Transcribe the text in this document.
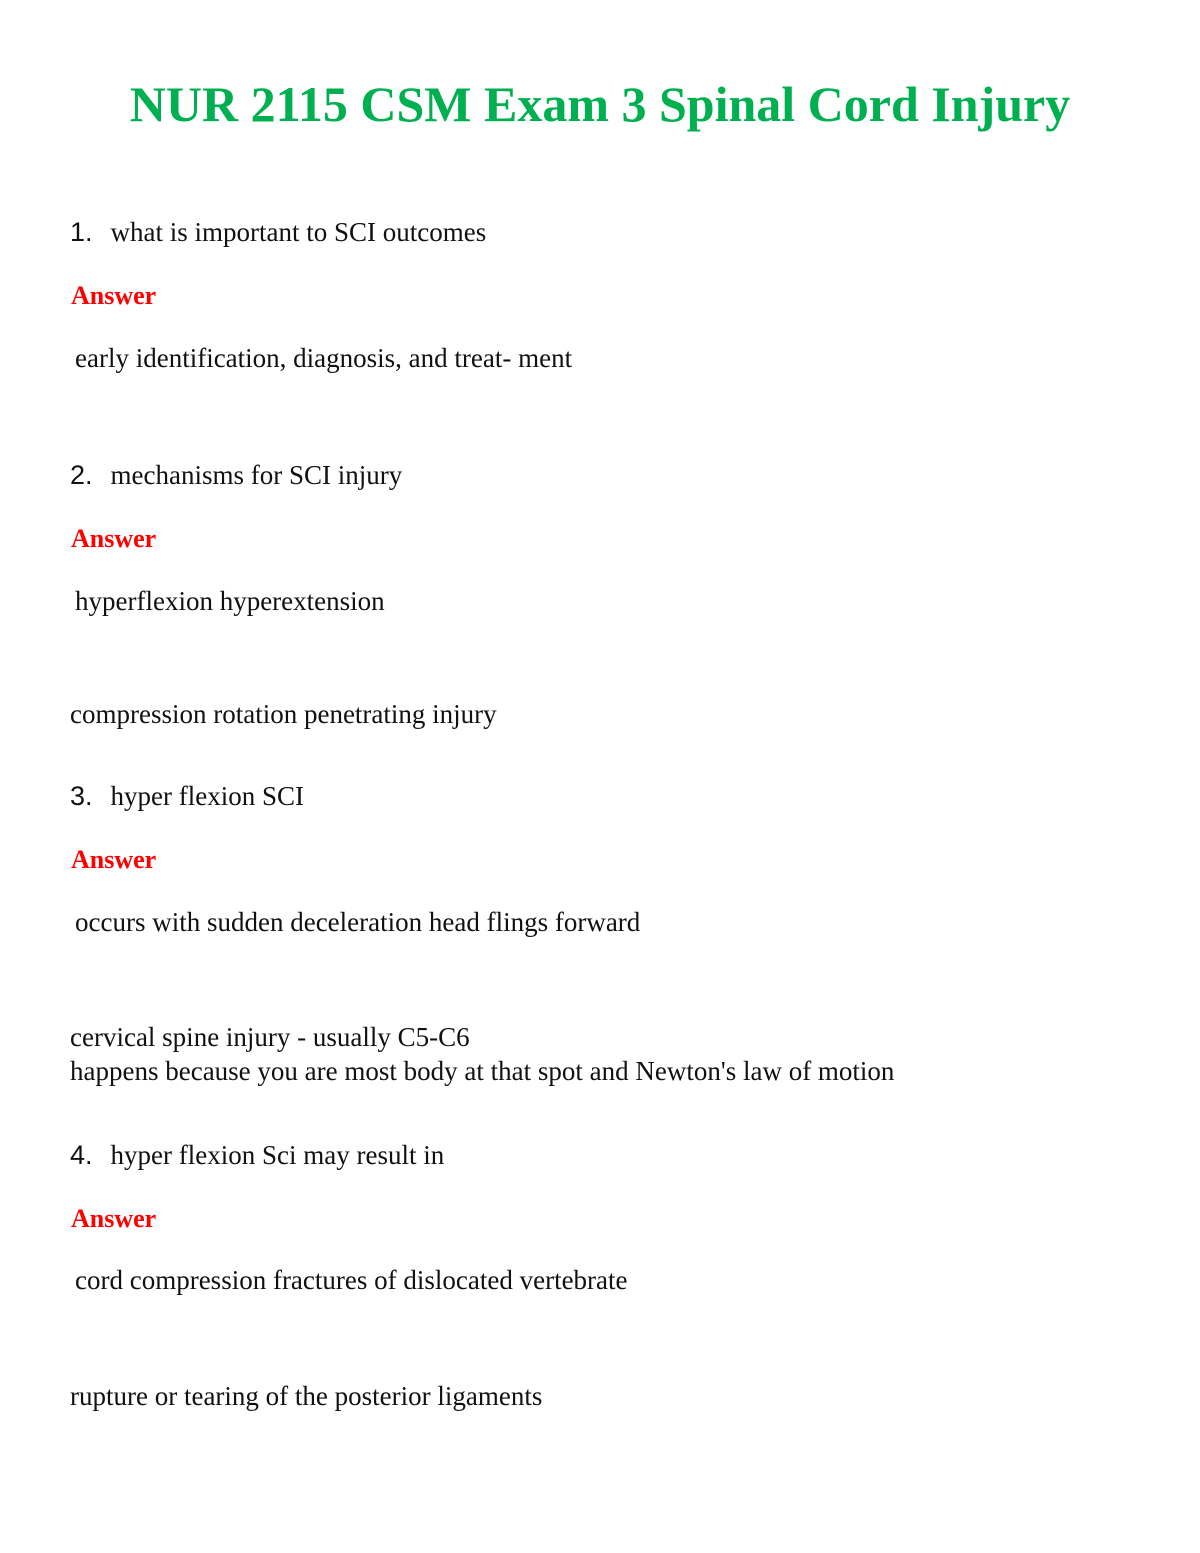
NUR 2115 CSM Exam 3 Spinal Cord Injury
1. what is important to SCI outcomes
Answer
early identification, diagnosis, and treat- ment
2. mechanisms for SCI injury
Answer
hyperflexion hyperextension
compression rotation penetrating injury
3. hyper flexion SCI
Answer
occurs with sudden deceleration head flings forward
cervical spine injury - usually C5-C6
happens because you are most body at that spot and Newton's law of motion
4. hyper flexion Sci may result in
Answer
cord compression fractures of dislocated vertebrate
rupture or tearing of the posterior ligaments
